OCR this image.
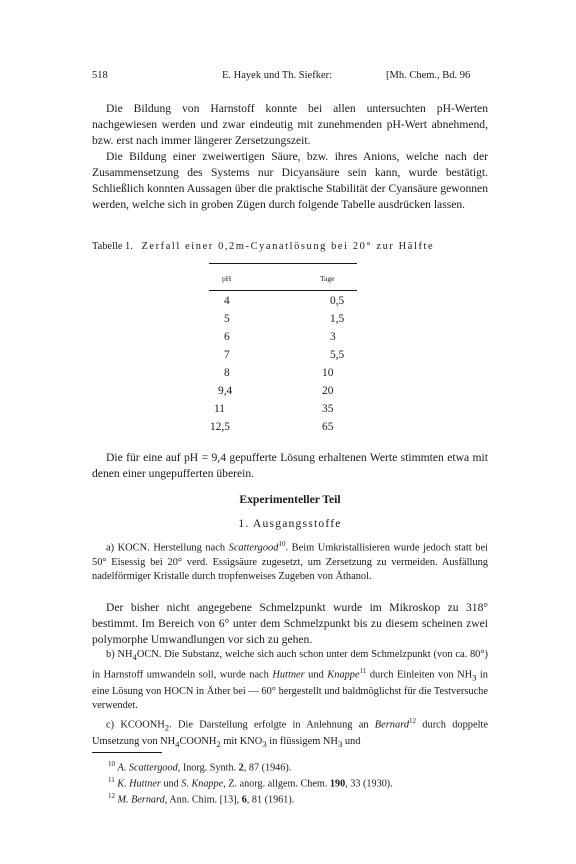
518	E. Hayek und Th. Siefker:	[Mh. Chem., Bd. 96

Die Bildung von Harnstoff konnte bei allen untersuchten pH-Werten nachgewiesen werden und zwar eindeutig mit zunehmenden pH-Wert abnehmend, bzw. erst nach immer längerer Zersetzungszeit.

Die Bildung einer zweiwertigen Säure, bzw. ihres Anions, welche nach der Zusammensetzung des Systems nur Dicyansäure sein kann, wurde bestätigt. Schließlich konnten Aussagen über die praktische Stabilität der Cyansäure gewonnen werden, welche sich in groben Zügen durch folgende Tabelle ausdrücken lassen.

Tabelle 1. Zerfall einer 0,2m-Cyanatlösung bei 20° zur Hälfte
pH	Tage
4	0,5
5	1,5
6	3
7	5,5
8	10
9,4	20
11	35
12,5	65

Die für eine auf pH = 9,4 gepufferte Lösung erhaltenen Werte stimmten etwa mit denen einer ungepufferten überein.

Experimenteller Teil
1. Ausgangsstoffe

a) KOCN. Herstellung nach Scattergood$^{10}$. Beim Umkristallisieren wurde jedoch statt bei 50° Eisessig bei 20° verd. Essigsäure zugesetzt, um Zersetzung zu vermeiden. Ausfällung nadelförmiger Kristalle durch tropfenweises Zugeben von Äthanol.

Der bisher nicht angegebene Schmelzpunkt wurde im Mikroskop zu 318° bestimmt. Im Bereich von 6° unter dem Schmelzpunkt bis zu diesem scheinen zwei polymorphe Umwandlungen vor sich zu gehen.

b) $NH_4OCN$. Die Substanz, welche sich auch schon unter dem Schmelzpunkt (von ca. 80°) in Harnstoff umwandeln soll, wurde nach Huttner und Knappe$^{11}$ durch Einleiten von $NH_3$ in eine Lösung von HOCN in Äther bei — 60° hergestellt und baldmöglichst für die Testversuche verwendet.

c) $KCOONH_2$. Die Darstellung erfolgte in Anlehnung an Bernard$^{12}$ durch doppelte Umsetzung von $NH_4COONH_2$ mit $KNO_3$ in flüssigem $NH_3$ und

$^{10}$ A. Scattergood, Inorg. Synth. 2, 87 (1946).
$^{11}$ K. Huttner und S. Knappe, Z. anorg. allgem. Chem. 190, 33 (1930).
$^{12}$ M. Bernard, Ann. Chim. [13], 6, 81 (1961).
